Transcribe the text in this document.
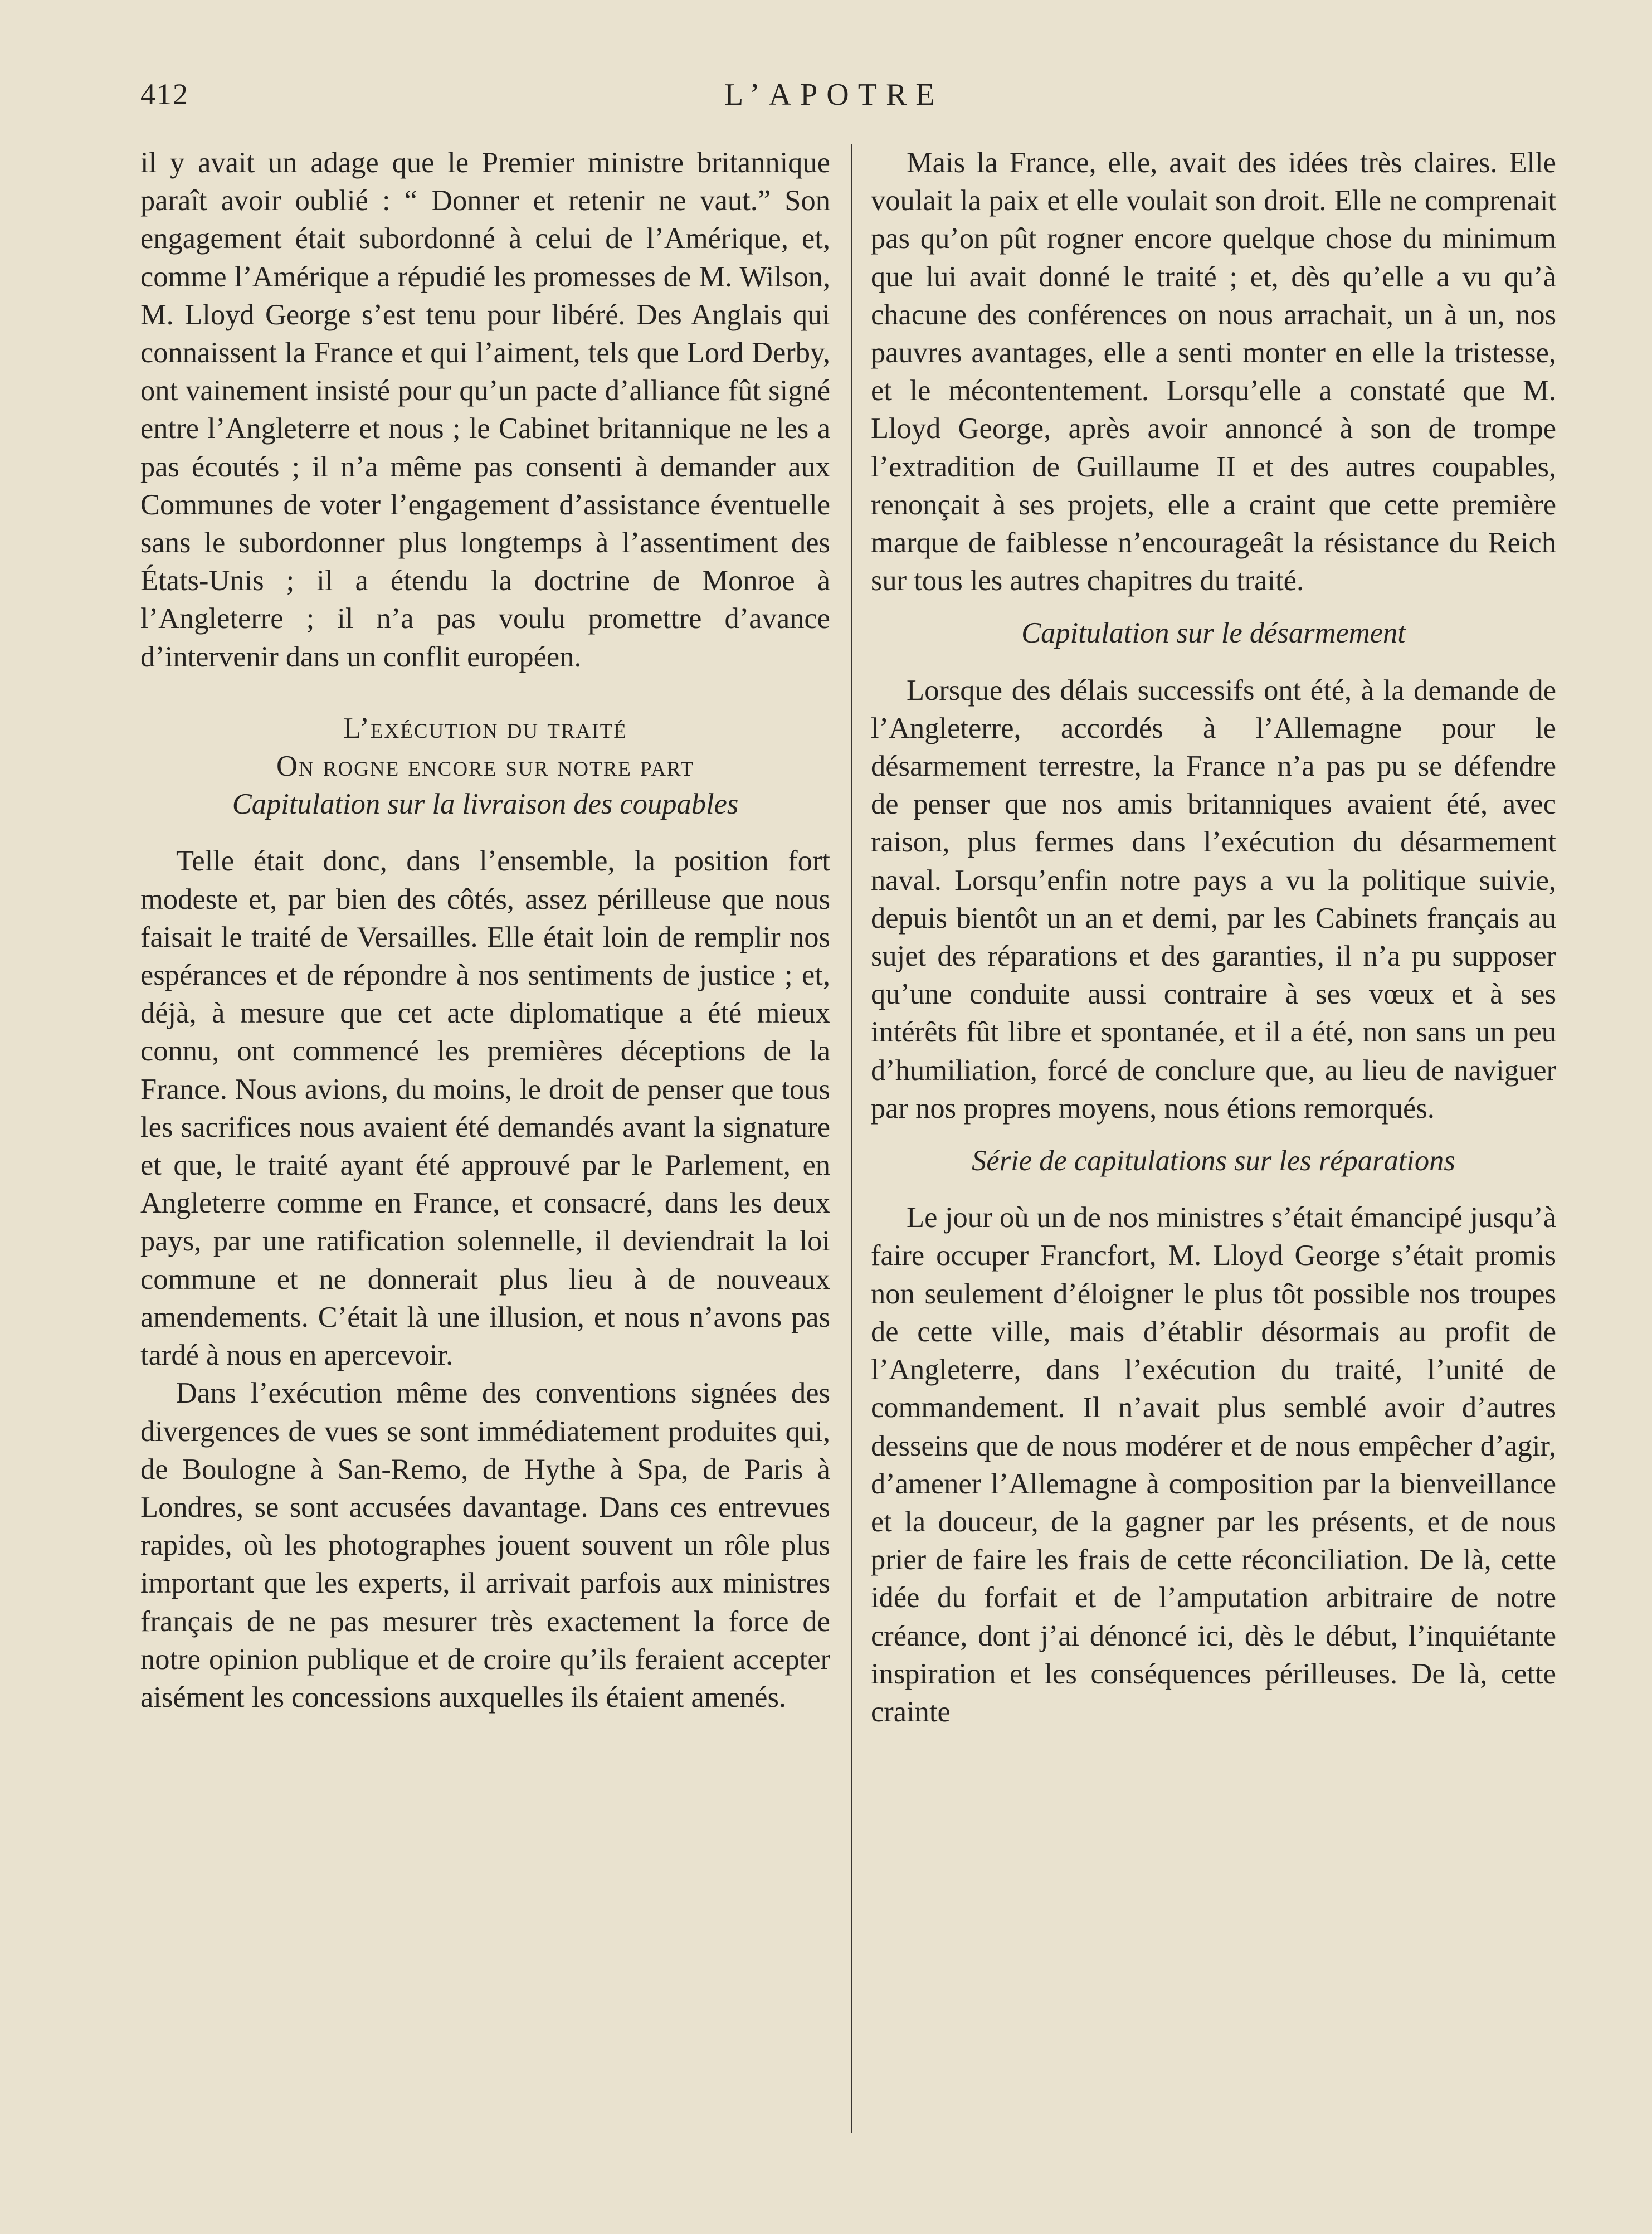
412	L’APOTRE

il y avait un adage que le Premier ministre britannique paraît avoir oublié : “ Donner et retenir ne vaut.” Son engagement était subordonné à celui de l’Amérique, et, comme l’Amérique a répudié les promesses de M. Wilson, M. Lloyd George s’est tenu pour libéré. Des Anglais qui connaissent la France et qui l’aiment, tels que Lord Derby, ont vainement insisté pour qu’un pacte d’alliance fût signé entre l’Angleterre et nous ; le Cabinet britannique ne les a pas écoutés ; il n’a même pas consenti à demander aux Communes de voter l’engagement d’assistance éventuelle sans le subordonner plus longtemps à l’assentiment des États-Unis ; il a étendu la doctrine de Monroe à l’Angleterre ; il n’a pas voulu promettre d’avance d’intervenir dans un conflit européen.

L’exécution du traité

On rogne encore sur notre part

Capitulation sur la livraison des coupables

Telle était donc, dans l’ensemble, la position fort modeste et, par bien des côtés, assez périlleuse que nous faisait le traité de Versailles. Elle était loin de remplir nos espérances et de répondre à nos sentiments de justice ; et, déjà, à mesure que cet acte diplomatique a été mieux connu, ont commencé les premières déceptions de la France. Nous avions, du moins, le droit de penser que tous les sacrifices nous avaient été demandés avant la signature et que, le traité ayant été approuvé par le Parlement, en Angleterre comme en France, et consacré, dans les deux pays, par une ratification solennelle, il deviendrait la loi commune et ne donnerait plus lieu à de nouveaux amendements. C’était là une illusion, et nous n’avons pas tardé à nous en apercevoir.

Dans l’exécution même des conventions signées des divergences de vues se sont immédiatement produites qui, de Boulogne à San-Remo, de Hythe à Spa, de Paris à Londres, se sont accusées davantage. Dans ces entrevues rapides, où les photographes jouent souvent un rôle plus important que les experts, il arrivait parfois aux ministres français de ne pas mesurer très exactement la force de notre opinion publique et de croire qu’ils feraient accepter aisément les concessions auxquelles ils étaient amenés.

Mais la France, elle, avait des idées très claires. Elle voulait la paix et elle voulait son droit. Elle ne comprenait pas qu’on pût rogner encore quelque chose du minimum que lui avait donné le traité ; et, dès qu’elle a vu qu’à chacune des conférences on nous arrachait, un à un, nos pauvres avantages, elle a senti monter en elle la tristesse, et le mécontentement. Lorsqu’elle a constaté que M. Lloyd George, après avoir annoncé à son de trompe l’extradition de Guillaume II et des autres coupables, renonçait à ses projets, elle a craint que cette première marque de faiblesse n’encourageât la résistance du Reich sur tous les autres chapitres du traité.

Capitulation sur le désarmement

Lorsque des délais successifs ont été, à la demande de l’Angleterre, accordés à l’Allemagne pour le désarmement terrestre, la France n’a pas pu se défendre de penser que nos amis britanniques avaient été, avec raison, plus fermes dans l’exécution du désarmement naval. Lorsqu’enfin notre pays a vu la politique suivie, depuis bientôt un an et demi, par les Cabinets français au sujet des réparations et des garanties, il n’a pu supposer qu’une conduite aussi contraire à ses vœux et à ses intérêts fût libre et spontanée, et il a été, non sans un peu d’humiliation, forcé de conclure que, au lieu de naviguer par nos propres moyens, nous étions remorqués.

Série de capitulations sur les réparations

Le jour où un de nos ministres s’était émancipé jusqu’à faire occuper Francfort, M. Lloyd George s’était promis non seulement d’éloigner le plus tôt possible nos troupes de cette ville, mais d’établir désormais au profit de l’Angleterre, dans l’exécution du traité, l’unité de commandement. Il n’avait plus semblé avoir d’autres desseins que de nous modérer et de nous empêcher d’agir, d’amener l’Allemagne à composition par la bienveillance et la douceur, de la gagner par les présents, et de nous prier de faire les frais de cette réconciliation. De là, cette idée du forfait et de l’amputation arbitraire de notre créance, dont j’ai dénoncé ici, dès le début, l’inquiétante inspiration et les conséquences périlleuses. De là, cette crainte
